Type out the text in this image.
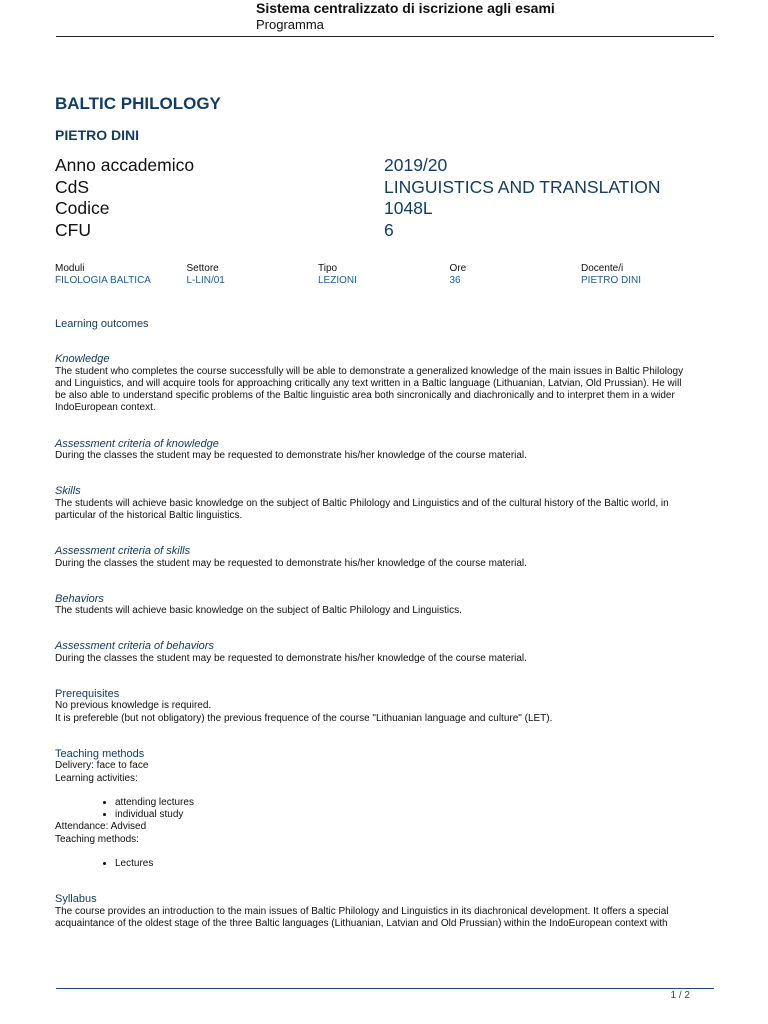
Sistema centralizzato di iscrizione agli esami
Programma
BALTIC PHILOLOGY
PIETRO DINI
Anno accademico	2019/20
CdS	LINGUISTICS AND TRANSLATION
Codice	1048L
CFU	6
Moduli	Settore	Tipo	Ore	Docente/i
FILOLOGIA BALTICA	L-LIN/01	LEZIONI	36	PIETRO DINI
Learning outcomes
Knowledge
The student who completes the course successfully will be able to demonstrate a generalized knowledge of the main issues in Baltic Philology
and Linguistics, and will acquire tools for approaching critically any text written in a Baltic language (Lithuanian, Latvian, Old Prussian). He will
be also able to understand specific problems of the Baltic linguistic area both sincronically and diachronically and to interpret them in a wider
IndoEuropean context.
Assessment criteria of knowledge
During the classes the student may be requested to demonstrate his/her knowledge of the course material.
Skills
The students will achieve basic knowledge on the subject of Baltic Philology and Linguistics and of the cultural history of the Baltic world, in
particular of the historical Baltic linguistics.
Assessment criteria of skills
During the classes the student may be requested to demonstrate his/her knowledge of the course material.
Behaviors
The students will achieve basic knowledge on the subject of Baltic Philology and Linguistics.
Assessment criteria of behaviors
During the classes the student may be requested to demonstrate his/her knowledge of the course material.
Prerequisites
No previous knowledge is required.
It is prefereble (but not obligatory) the previous frequence of the course "Lithuanian language and culture" (LET).
Teaching methods
Delivery: face to face
Learning activities:
• attending lectures
• individual study
Attendance: Advised
Teaching methods:
• Lectures
Syllabus
The course provides an introduction to the main issues of Baltic Philology and Linguistics in its diachronical development. It offers a special
acquaintance of the oldest stage of the three Baltic languages (Lithuanian, Latvian and Old Prussian) within the IndoEuropean context with
1 / 2
